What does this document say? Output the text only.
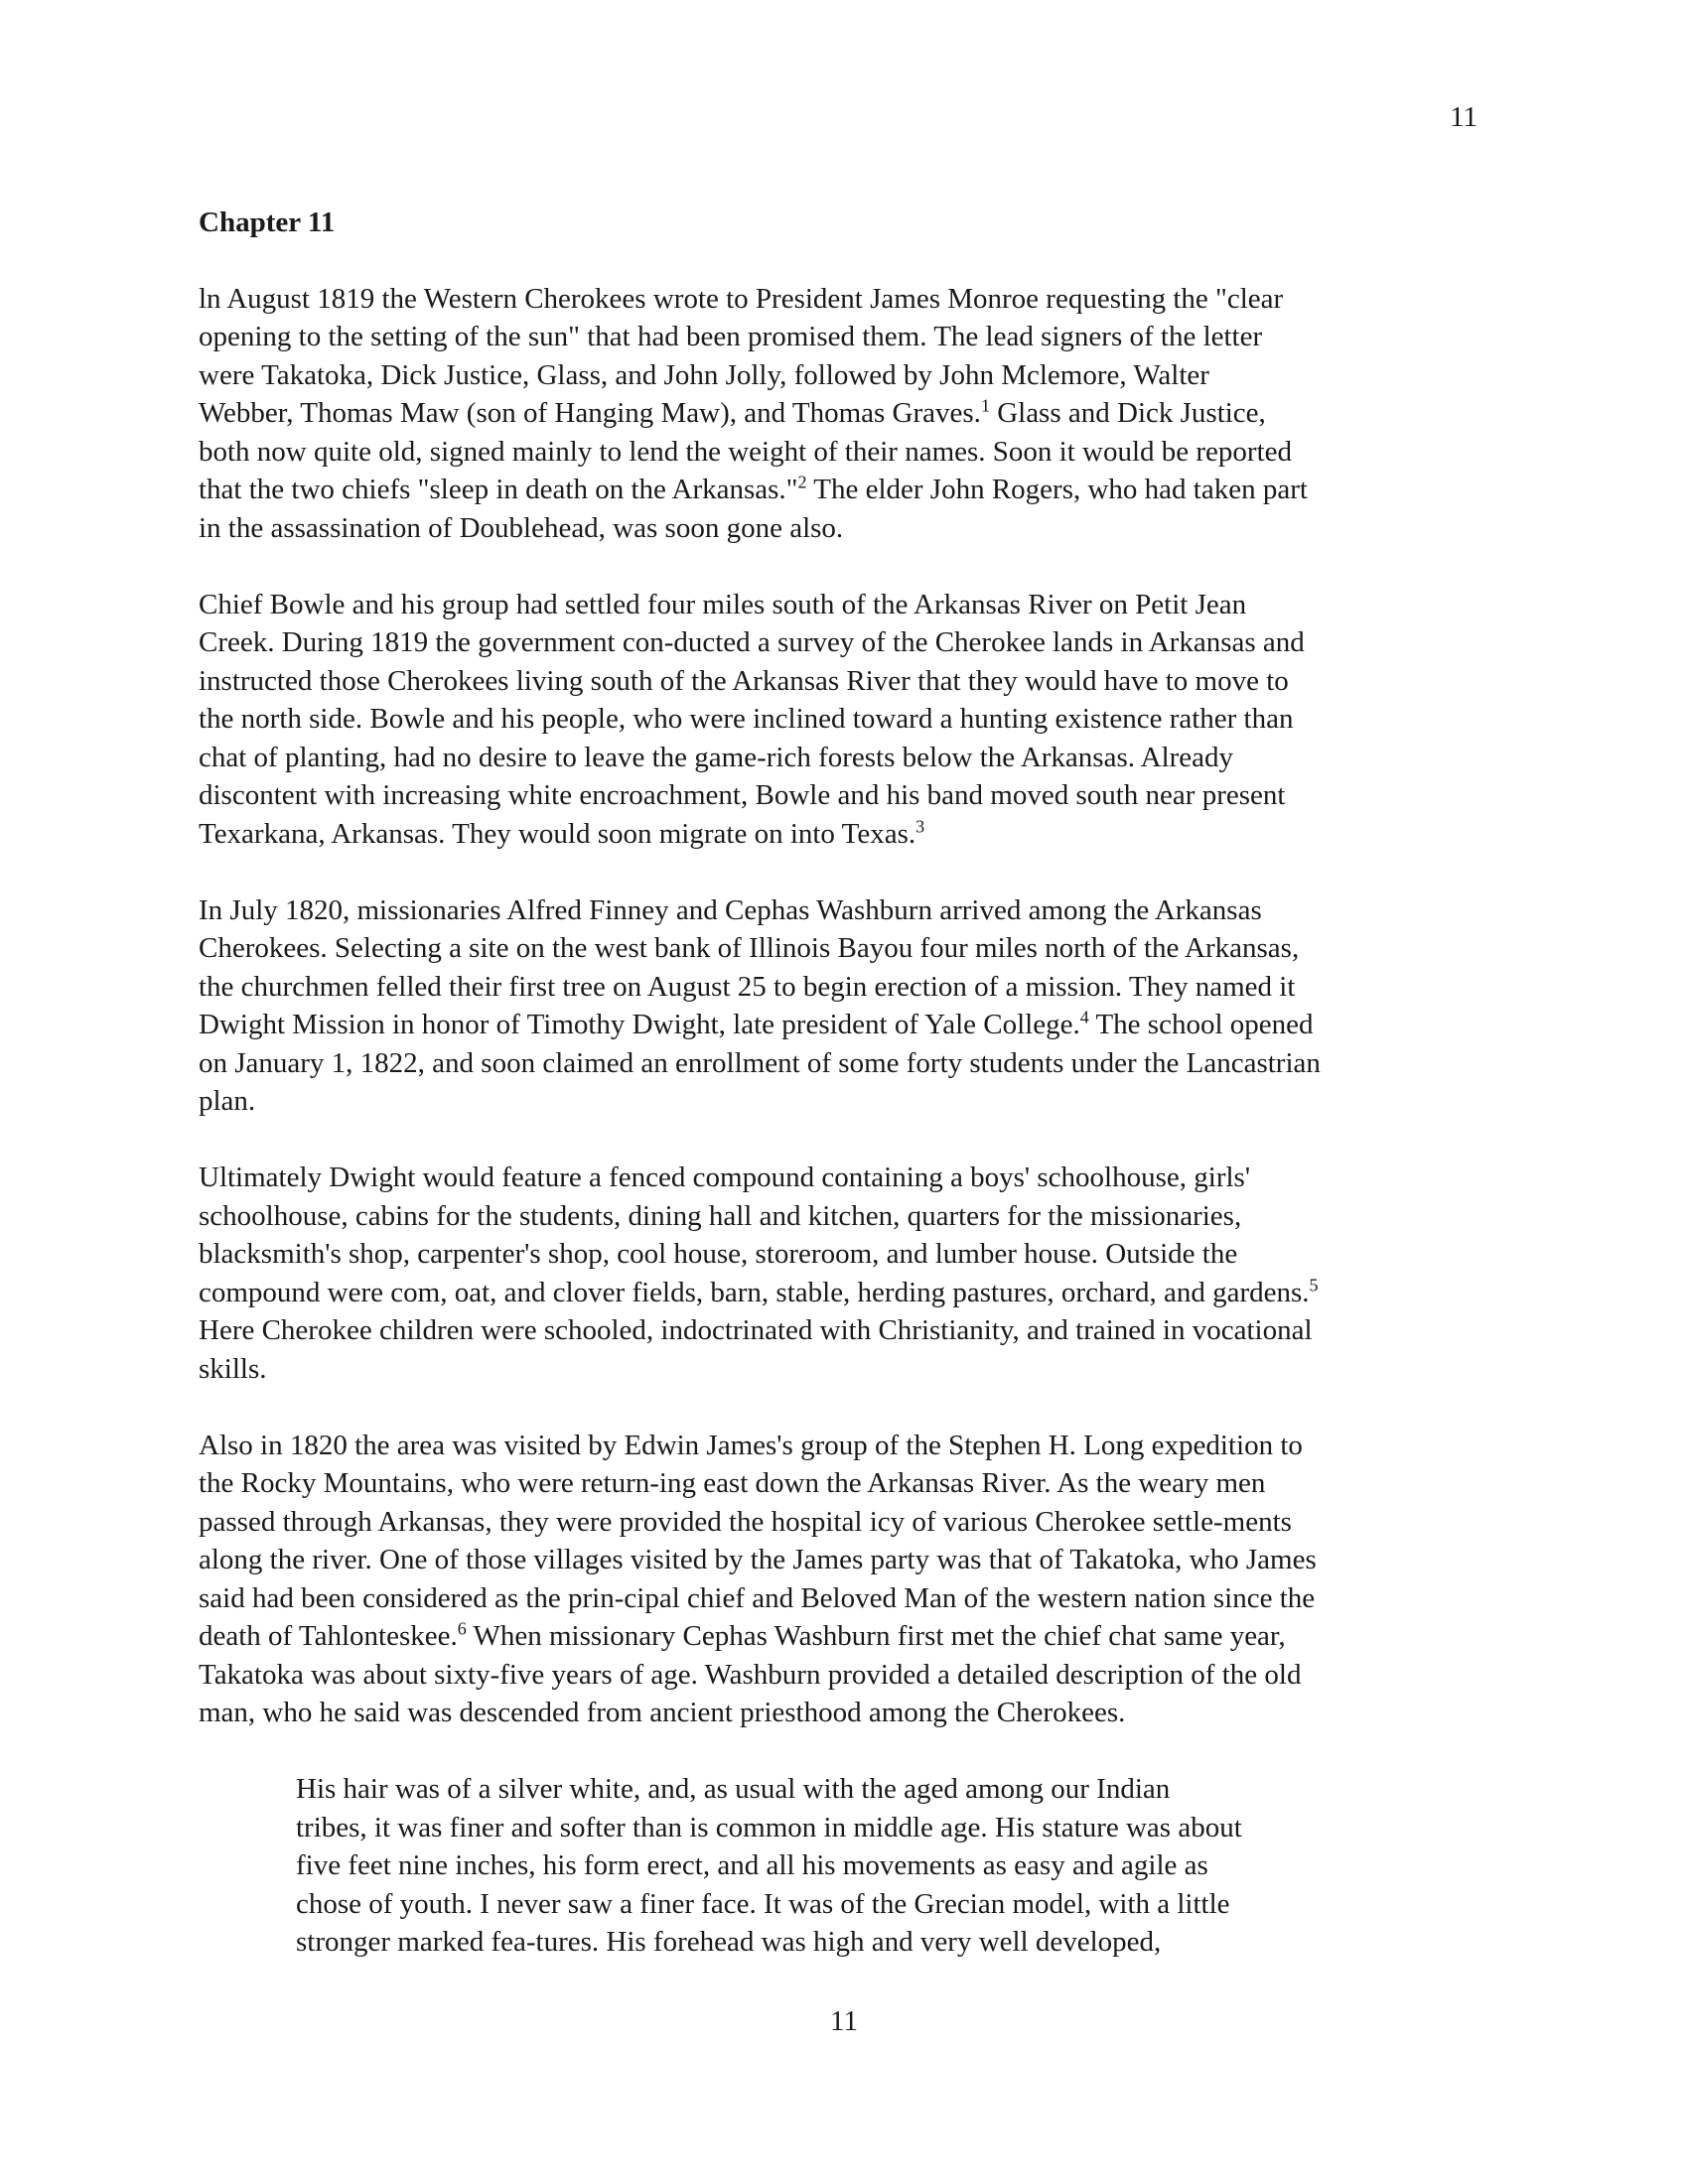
11
Chapter 11
ln August 1819 the Western Cherokees wrote to President James Monroe requesting the "clear
opening to the setting of the sun" that had been promised them. The lead signers of the letter
were Takatoka, Dick Justice, Glass, and John Jolly, followed by John Mclemore, Walter
Webber, Thomas Maw (son of Hanging Maw), and Thomas Graves.$^1$ Glass and Dick Justice,
both now quite old, signed mainly to lend the weight of their names. Soon it would be reported
that the two chiefs "sleep in death on the Arkansas."$^2$ The elder John Rogers, who had taken part
in the assassination of Doublehead, was soon gone also.
Chief Bowle and his group had settled four miles south of the Arkansas River on Petit Jean
Creek. During 1819 the government con-ducted a survey of the Cherokee lands in Arkansas and
instructed those Cherokees living south of the Arkansas River that they would have to move to
the north side. Bowle and his people, who were inclined toward a hunting existence rather than
chat of planting, had no desire to leave the game-rich forests below the Arkansas. Already
discontent with increasing white encroachment, Bowle and his band moved south near present
Texarkana, Arkansas. They would soon migrate on into Texas.$^3$
In July 1820, missionaries Alfred Finney and Cephas Washburn arrived among the Arkansas
Cherokees. Selecting a site on the west bank of Illinois Bayou four miles north of the Arkansas,
the churchmen felled their first tree on August 25 to begin erection of a mission. They named it
Dwight Mission in honor of Timothy Dwight, late president of Yale College.$^4$ The school opened
on January 1, 1822, and soon claimed an enrollment of some forty students under the Lancastrian
plan.
Ultimately Dwight would feature a fenced compound containing a boys' schoolhouse, girls'
schoolhouse, cabins for the students, dining hall and kitchen, quarters for the missionaries,
blacksmith's shop, carpenter's shop, cool house, storeroom, and lumber house. Outside the
compound were com, oat, and clover fields, barn, stable, herding pastures, orchard, and gardens.$^5$
Here Cherokee children were schooled, indoctrinated with Christianity, and trained in vocational
skills.
Also in 1820 the area was visited by Edwin James's group of the Stephen H. Long expedition to
the Rocky Mountains, who were return-ing east down the Arkansas River. As the weary men
passed through Arkansas, they were provided the hospital icy of various Cherokee settle-ments
along the river. One of those villages visited by the James party was that of Takatoka, who James
said had been considered as the prin-cipal chief and Beloved Man of the western nation since the
death of Tahlonteskee.$^6$ When missionary Cephas Washburn first met the chief chat same year,
Takatoka was about sixty-five years of age. Washburn provided a detailed description of the old
man, who he said was descended from ancient priesthood among the Cherokees.
His hair was of a silver white, and, as usual with the aged among our Indian
tribes, it was finer and softer than is common in middle age. His stature was about
five feet nine inches, his form erect, and all his movements as easy and agile as
chose of youth. I never saw a finer face. It was of the Grecian model, with a little
stronger marked fea-tures. His forehead was high and very well developed,
11
